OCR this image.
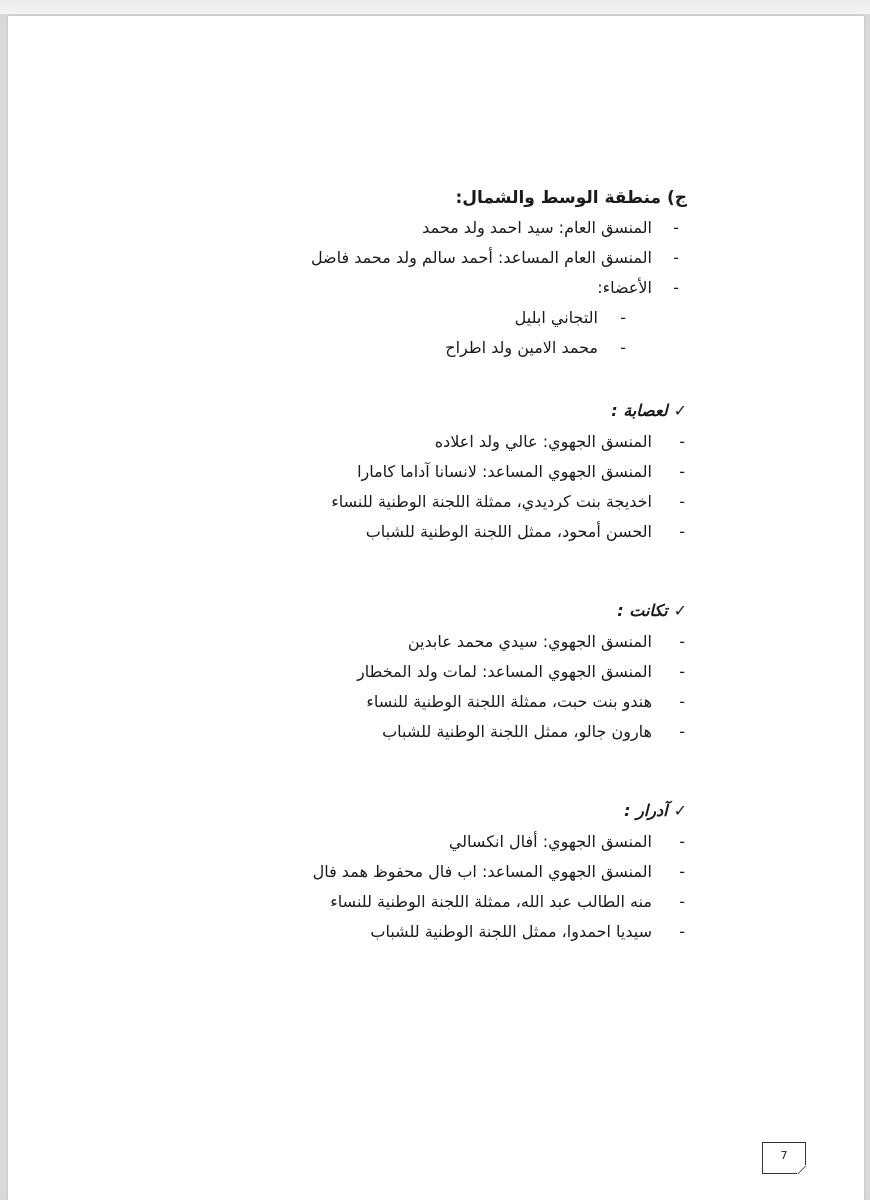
ج) منطقة الوسط والشمال:
-
المنسق العام: سيد احمد ولد محمد
-
المنسق العام المساعد: أحمد سالم ولد محمد فاضل
-
الأعضاء:
-
التجاني ابليل
-
محمد الامين ولد اطراح
✓لعصابة :
-
المنسق الجهوي: عالي ولد اعلاده
-
المنسق الجهوي المساعد: لانسانا آداما كامارا
-
اخديجة بنت كرديدي، ممثلة اللجنة الوطنية للنساء
-
الحسن أمحود، ممثل اللجنة الوطنية للشباب
✓تكانت :
-
المنسق الجهوي: سيدي محمد عابدين
-
المنسق الجهوي المساعد: لمات ولد المخطار
-
هندو بنت حبت، ممثلة اللجنة الوطنية للنساء
-
هارون جالو، ممثل اللجنة الوطنية للشباب
✓آدرار :
-
المنسق الجهوي: أفال انكسالي
-
المنسق الجهوي المساعد: اب فال محفوظ همد فال
-
منه الطالب عبد الله، ممثلة اللجنة الوطنية للنساء
-
سيديا احمدوا، ممثل اللجنة الوطنية للشباب
7
